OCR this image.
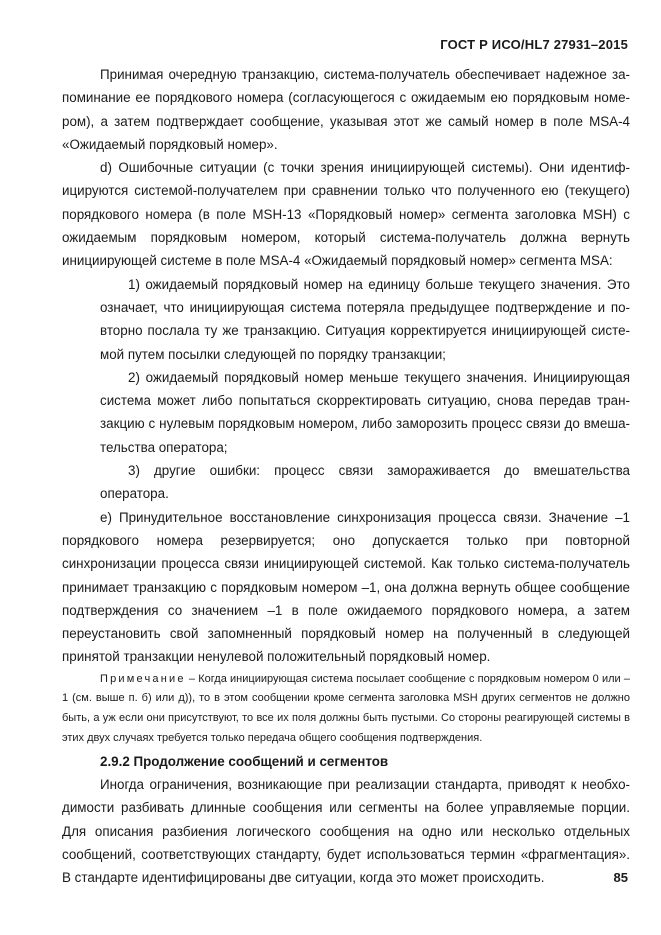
ГОСТ Р ИСО/HL7 27931–2015

Принимая очередную транзакцию, система-получатель обеспечивает надежное запоминание ее порядкового номера (согласующегося с ожидаемым ею порядковым номером), а затем подтверждает сообщение, указывая этот же самый номер в поле MSA-4 «Ожидаемый порядковый номер».

d) Ошибочные ситуации (с точки зрения инициирующей системы). Они идентифицируются системой-получателем при сравнении только что полученного ею (текущего) порядкового номера (в поле MSH-13 «Порядковый номер» сегмента заголовка MSH) с ожидаемым порядковым номером, который система-получатель должна вернуть инициирующей системе в поле MSA-4 «Ожидаемый порядковый номер» сегмента MSA:

1) ожидаемый порядковый номер на единицу больше текущего значения. Это означает, что инициирующая система потеряла предыдущее подтверждение и повторно послала ту же транзакцию. Ситуация корректируется инициирующей системой путем посылки следующей по порядку транзакции;

2) ожидаемый порядковый номер меньше текущего значения. Инициирующая система может либо попытаться скорректировать ситуацию, снова передав транзакцию с нулевым порядковым номером, либо заморозить процесс связи до вмешательства оператора;

3) другие ошибки: процесс связи замораживается до вмешательства оператора.

e) Принудительное восстановление синхронизация процесса связи. Значение –1 порядкового номера резервируется; оно допускается только при повторной синхронизации процесса связи инициирующей системой. Как только система-получатель принимает транзакцию с порядковым номером –1, она должна вернуть общее сообщение подтверждения со значением –1 в поле ожидаемого порядкового номера, а затем переустановить свой запомненный порядковый номер на полученный в следующей принятой транзакции ненулевой положительный порядковый номер.

Примечание – Когда инициирующая система посылает сообщение с порядковым номером 0 или –1 (см. выше п. б) или д)), то в этом сообщении кроме сегмента заголовка MSH других сегментов не должно быть, а уж если они присутствуют, то все их поля должны быть пустыми. Со стороны реагирующей системы в этих двух случаях требуется только передача общего сообщения подтверждения.

2.9.2 Продолжение сообщений и сегментов

Иногда ограничения, возникающие при реализации стандарта, приводят к необходимости разбивать длинные сообщения или сегменты на более управляемые порции. Для описания разбиения логического сообщения на одно или несколько отдельных сообщений, соответствующих стандарту, будет использоваться термин «фрагментация». В стандарте идентифицированы две ситуации, когда это может происходить.	85
